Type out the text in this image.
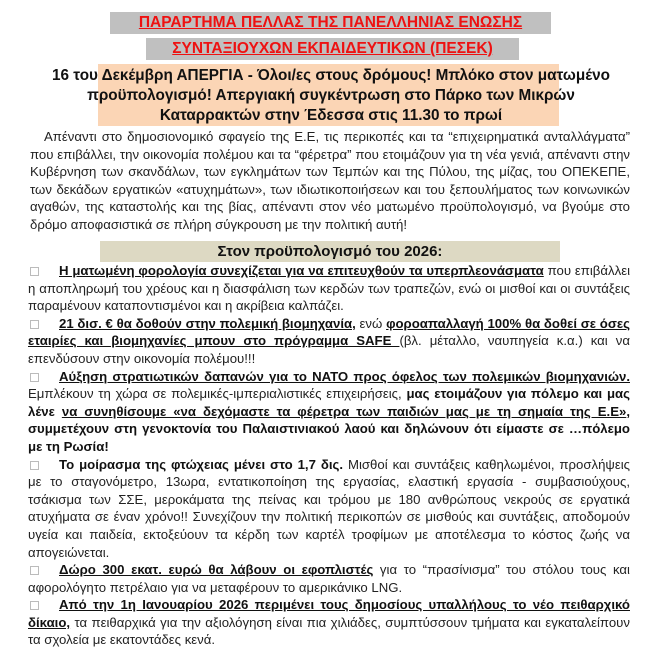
ΠΑΡΑΡΤΗΜΑ ΠΕΛΛΑΣ ΤΗΣ ΠΑΝΕΛΛΗΝΙΑΣ ΕΝΩΣΗΣ
ΣΥΝΤΑΞΙΟΥΧΩΝ ΕΚΠΑΙΔΕΥΤΙΚΩΝ (ΠΕΣΕΚ)
16 του Δεκέμβρη ΑΠΕΡΓΙΑ - Όλοι/ες στους δρόμους! Μπλόκο στον ματωμένο
προϋπολογισμό! Απεργιακή συγκέντρωση στο Πάρκο των Μικρών
Καταρρακτών στην Έδεσσα στις 11.30 το πρωί
Απέναντι στο δημοσιονομικό σφαγείο της Ε.Ε, τις περικοπές και τα “επιχειρηματικά ανταλλάγματα” που επιβάλλει, την οικονομία πολέμου και τα “φέρετρα” που ετοιμάζουν για τη νέα γενιά, απέναντι στην Κυβέρνηση των σκανδάλων, των εγκλημάτων των Τεμπών και της Πύλου, της μίζας, του ΟΠΕΚΕΠΕ, των δεκάδων εργατικών «ατυχημάτων», των ιδιωτικοποιήσεων και του ξεπουλήματος των κοινωνικών αγαθών, της καταστολής και της βίας, απέναντι στον νέο ματωμένο προϋπολογισμό, να βγούμε στο δρόμο αποφασιστικά σε πλήρη σύγκρουση με την πολιτική αυτή!
Στον προϋπολογισμό του 2026:

Η ματωμένη φορολογία συνεχίζεται για να επιτευχθούν τα υπερπλεονάσματα που επιβάλλει η αποπληρωμή του χρέους και η διασφάλιση των κερδών των τραπεζών, ενώ οι μισθοί και οι συντάξεις παραμένουν καταποντισμένοι και η ακρίβεια καλπάζει.

21 δισ. € θα δοθούν στην πολεμική βιομηχανία, ενώ φοροαπαλλαγή 100% θα δοθεί σε όσες εταιρίες και βιομηχανίες μπουν στο πρόγραμμα SAFE (βλ. μέταλλο, ναυπηγεία κ.α.) και να επενδύσουν στην οικονομία πολέμου!!!

Αύξηση στρατιωτικών δαπανών για το ΝΑΤΟ προς όφελος των πολεμικών βιομηχανιών. Εμπλέκουν τη χώρα σε πολεμικές-ιμπεριαλιστικές επιχειρήσεις, μας ετοιμάζουν για πόλεμο και μας λένε να συνηθίσουμε «να δεχόμαστε τα φέρετρα των παιδιών μας με τη σημαία της Ε.Ε», συμμετέχουν στη γενοκτονία του Παλαιστινιακού λαού και δηλώνουν ότι είμαστε σε …πόλεμο με τη Ρωσία!

Το μοίρασμα της φτώχειας μένει στο 1,7 δις. Μισθοί και συντάξεις καθηλωμένοι, προσλήψεις με το σταγονόμετρο, 13ωρα, εντατικοποίηση της εργασίας, ελαστική εργασία - συμβασιούχους, τσάκισμα των ΣΣΕ, μεροκάματα της πείνας και τρόμου με 180 ανθρώπους νεκρούς σε εργατικά ατυχήματα σε έναν χρόνο!! Συνεχίζουν την πολιτική περικοπών σε μισθούς και συντάξεις, αποδομούν υγεία και παιδεία, εκτοξεύουν τα κέρδη των καρτέλ τροφίμων με αποτέλεσμα το κόστος ζωής να απογειώνεται.

Δώρο 300 εκατ. ευρώ θα λάβουν οι εφοπλιστές για το “πρασίνισμα” του στόλου τους και αφορολόγητο πετρέλαιο για να μεταφέρουν το αμερικάνικο LNG.

Από την 1η Ιανουαρίου 2026 περιμένει τους δημοσίους υπαλλήλους το νέο πειθαρχικό δίκαιο, τα πειθαρχικά για την αξιολόγηση είναι πια χιλιάδες, συμπτύσσουν τμήματα και εγκαταλείπουν τα σχολεία με εκατοντάδες κενά.
